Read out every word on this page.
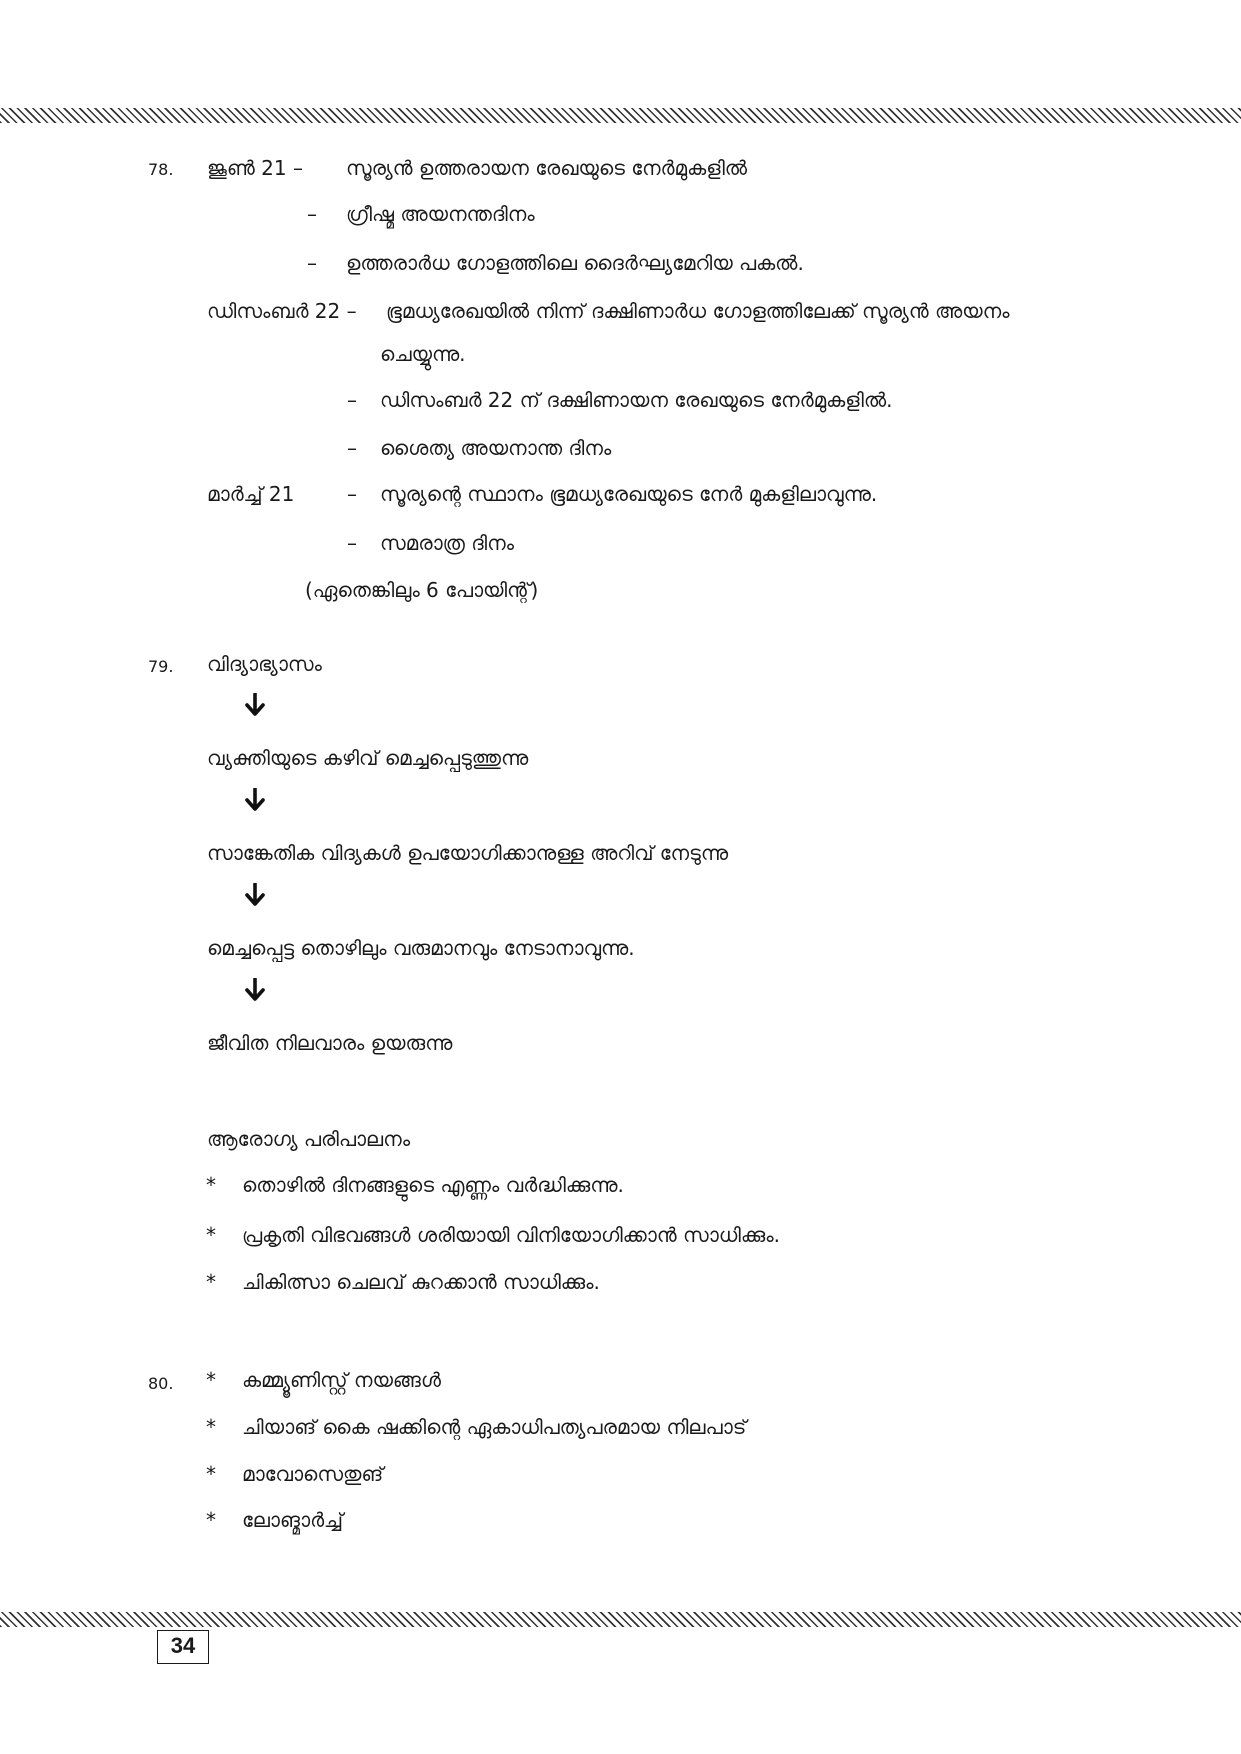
78. ജൂൺ 21 – സൂര്യൻ ഉത്തരായന രേഖയുടെ നേർമുകളിൽ
– ഗ്രീഷ്മ അയനന്തദിനം
– ഉത്തരാർധ ഗോളത്തിലെ ദൈർഘ്യമേറിയ പകൽ.
ഡിസംബർ 22 – ഭൂമധ്യരേഖയിൽ നിന്ന് ദക്ഷിണാർധ ഗോളത്തിലേക്ക് സൂര്യൻ അയനം
ചെയ്യുന്നു.
– ഡിസംബർ 22 ന് ദക്ഷിണായന രേഖയുടെ നേർമുകളിൽ.
– ശൈത്യ അയനാന്ത ദിനം
മാർച്ച് 21	– സൂര്യന്റെ സ്ഥാനം ഭൂമധ്യരേഖയുടെ നേർ മുകളിലാവുന്നു.
– സമരാത്ര ദിനം
(ഏതെങ്കിലും 6 പോയിന്റ്)
79. വിദ്യാഭ്യാസം
വ്യക്തിയുടെ കഴിവ് മെച്ചപ്പെടുത്തുന്നു
സാങ്കേതിക വിദ്യകൾ ഉപയോഗിക്കാനുള്ള അറിവ് നേടുന്നു
മെച്ചപ്പെട്ട തൊഴിലും വരുമാനവും നേടാനാവുന്നു.
ജീവിത നിലവാരം ഉയരുന്നു
ആരോഗ്യ പരിപാലനം
* തൊഴിൽ ദിനങ്ങളുടെ എണ്ണം വർദ്ധിക്കുന്നു.
* പ്രകൃതി വിഭവങ്ങൾ ശരിയായി വിനിയോഗിക്കാൻ സാധിക്കും.
* ചികിത്സാ ചെലവ് കുറക്കാൻ സാധിക്കും.
80. * കമ്മ്യൂണിസ്റ്റ് നയങ്ങൾ
* ചിയാങ് കൈ ഷക്കിന്റെ ഏകാധിപത്യപരമായ നിലപാട്
* മാവോസെതുങ്
* ലോങ്മാർച്ച്
34
